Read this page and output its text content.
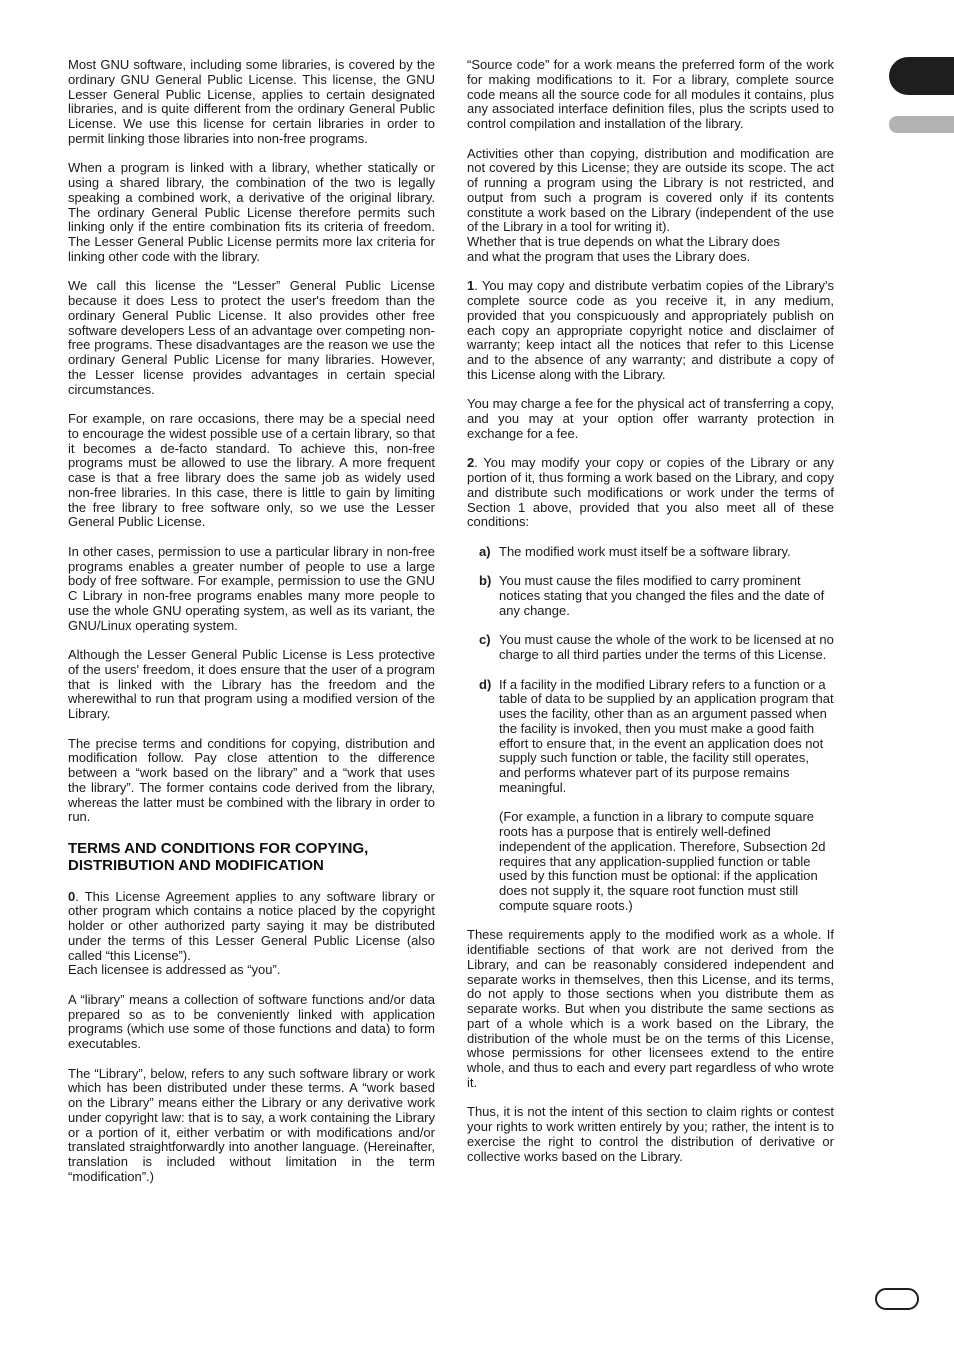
Most GNU software, including some libraries, is covered by the ordinary GNU General Public License. This license, the GNU Lesser General Public License, applies to certain designated libraries, and is quite different from the ordinary General Public License. We use this license for certain libraries in order to permit linking those libraries into non-free programs.

When a program is linked with a library, whether statically or using a shared library, the combination of the two is legally speaking a combined work, a derivative of the original library. The ordinary General Public License therefore permits such linking only if the entire combination fits its criteria of freedom. The Lesser General Public License permits more lax criteria for linking other code with the library.

We call this license the “Lesser” General Public License because it does Less to protect the user's freedom than the ordinary General Public License. It also provides other free software developers Less of an advantage over competing non-free programs. These disadvantages are the reason we use the ordinary General Public License for many libraries. However, the Lesser license provides advantages in certain special circumstances.

For example, on rare occasions, there may be a special need to encourage the widest possible use of a certain library, so that it becomes a de-facto standard. To achieve this, non-free programs must be allowed to use the library. A more frequent case is that a free library does the same job as widely used non-free libraries. In this case, there is little to gain by limiting the free library to free software only, so we use the Lesser General Public License.

In other cases, permission to use a particular library in non-free programs enables a greater number of people to use a large body of free software. For example, permission to use the GNU C Library in non-free programs enables many more people to use the whole GNU operating system, as well as its variant, the GNU/Linux operating system.

Although the Lesser General Public License is Less protective of the users' freedom, it does ensure that the user of a program that is linked with the Library has the freedom and the wherewithal to run that program using a modified version of the Library.

The precise terms and conditions for copying, distribution and modification follow. Pay close attention to the difference between a “work based on the library” and a “work that uses the library”. The former contains code derived from the library, whereas the latter must be combined with the library in order to run.

TERMS AND CONDITIONS FOR COPYING,
DISTRIBUTION AND MODIFICATION

0. This License Agreement applies to any software library or other program which contains a notice placed by the copyright holder or other authorized party saying it may be distributed under the terms of this Lesser General Public License (also called “this License”).

Each licensee is addressed as “you”.

A “library” means a collection of software functions and/or data prepared so as to be conveniently linked with application programs (which use some of those functions and data) to form executables.

The “Library”, below, refers to any such software library or work which has been distributed under these terms. A “work based on the Library” means either the Library or any derivative work under copyright law: that is to say, a work containing the Library or a portion of it, either verbatim or with modifications and/or translated straightforwardly into another language. (Hereinafter, translation is included without limitation in the term “modification”.)

“Source code” for a work means the preferred form of the work for making modifications to it. For a library, complete source code means all the source code for all modules it contains, plus any associated interface definition files, plus the scripts used to control compilation and installation of the library.

Activities other than copying, distribution and modification are not covered by this License; they are outside its scope. The act of running a program using the Library is not restricted, and output from such a program is covered only if its contents constitute a work based on the Library (independent of the use of the Library in a tool for writing it).
Whether that is true depends on what the Library does
and what the program that uses the Library does.

1. You may copy and distribute verbatim copies of the Library's complete source code as you receive it, in any medium, provided that you conspicuously and appropriately publish on each copy an appropriate copyright notice and disclaimer of warranty; keep intact all the notices that refer to this License and to the absence of any warranty; and distribute a copy of this License along with the Library.

You may charge a fee for the physical act of transferring a copy, and you may at your option offer warranty protection in exchange for a fee.

2. You may modify your copy or copies of the Library or any portion of it, thus forming a work based on the Library, and copy and distribute such modifications or work under the terms of Section 1 above, provided that you also meet all of these conditions:

a) The modified work must itself be a software library.
b) You must cause the files modified to carry prominent notices stating that you changed the files and the date of any change.
c) You must cause the whole of the work to be licensed at no charge to all third parties under the terms of this License.
d) If a facility in the modified Library refers to a function or a table of data to be supplied by an application program that uses the facility, other than as an argument passed when the facility is invoked, then you must make a good faith effort to ensure that, in the event an application does not supply such function or table, the facility still operates, and performs whatever part of its purpose remains meaningful.

(For example, a function in a library to compute square roots has a purpose that is entirely well-defined independent of the application. Therefore, Subsection 2d requires that any application-supplied function or table used by this function must be optional: if the application does not supply it, the square root function must still compute square roots.)

These requirements apply to the modified work as a whole. If identifiable sections of that work are not derived from the Library, and can be reasonably considered independent and separate works in themselves, then this License, and its terms, do not apply to those sections when you distribute them as separate works. But when you distribute the same sections as part of a whole which is a work based on the Library, the distribution of the whole must be on the terms of this License, whose permissions for other licensees extend to the entire whole, and thus to each and every part regardless of who wrote it.

Thus, it is not the intent of this section to claim rights or contest your rights to work written entirely by you; rather, the intent is to exercise the right to control the distribution of derivative or collective works based on the Library.
